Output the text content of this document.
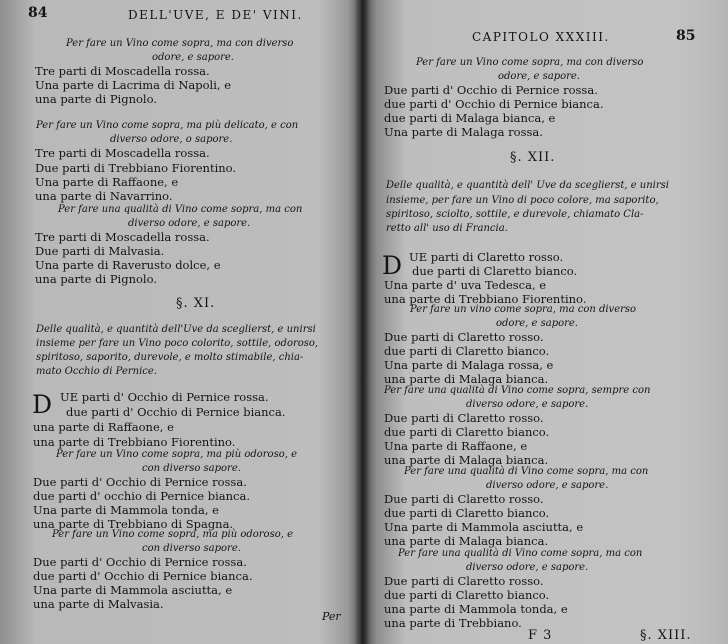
84	DELL'UVE, E DE' VINI.
Per fare un Vino come sopra, ma con diverso
odore, e sapore.
Tre parti di Moscadella rossa.
Una parte di Lacrima di Napoli, e
una parte di Pignolo.
Per fare un Vino come sopra, ma più delicato, e con
diverso odore, o sapore.
Tre parti di Moscadella rossa.
Due parti di Trebbiano Fiorentino.
Una parte di Raffaone, e
una parte di Navarrino.
Per fare una qualità di Vino come sopra, ma con
diverso odore, e sapore.
Tre parti di Moscadella rossa.
Due parti di Malvasia.
Una parte di Raverusto dolce, e
una parte di Pignolo.
§. XI.
Delle qualità, e quantità dell'Uve da sceglierst, e unirsi
insieme per fare un Vino poco colorito, sottile, odoroso,
spiritoso, saporito, durevole, e molto stimabile, chia-
mato Occhio di Pernice.
D UE parti d' Occhio di Pernice rossa.
due parti d' Occhio di Pernice bianca.
una parte di Raffaone, e
una parte di Trebbiano Fiorentino.
Per fare un Vino come sopra, ma più odoroso, e
con diverso sapore.
Due parti d' Occhio di Pernice rossa.
due parti d' occhio di Pernice bianca.
Una parte di Mammola tonda, e
una parte di Trebbiano di Spagna.
Per fare un Vino come sopra, ma più odoroso, e
con diverso sapore.
Due parti d' Occhio di Pernice rossa.
due parti d' Occhio di Pernice bianca.
Una parte di Mammola asciutta, e
una parte di Malvasia.
Per
CAPITOLO XXXIII.	85
Per fare un Vino come sopra, ma con diverso
odore, e sapore.
Due parti d' Occhio di Pernice rossa.
due parti d' Occhio di Pernice bianca.
due parti di Malaga bianca, e
Una parte di Malaga rossa.
§. XII.
Delle qualità, e quantità dell' Uve da sceglierst, e unirsi
insieme, per fare un Vino di poco colore, ma saporito,
spiritoso, sciolto, sottile, e durevole, chiamato Cla-
retto all' uso di Francia.
D UE parti di Claretto rosso.
due parti di Claretto bianco.
Una parte d' uva Tedesca, e
una parte di Trebbiano Fiorentino.
Per fare un vino come sopra, ma con diverso
odore, e sapore.
Due parti di Claretto rosso.
due parti di Claretto bianco.
Una parte di Malaga rossa, e
una parte di Malaga bianca.
Per fare una qualità di Vino come sopra, sempre con
diverso odore, e sapore.
Due parti di Claretto rosso.
due parti di Claretto bianco.
Una parte di Raffaone, e
una parte di Malaga bianca.
Per fare una qualità di Vino come sopra, ma con
diverso odore, e sapore.
Due parti di Claretto rosso.
due parti di Claretto bianco.
Una parte di Mammola asciutta, e
una parte di Malaga bianca.
Per fare una qualità di Vino come sopra, ma con
diverso odore, e sapore.
Due parti di Claretto rosso.
due parti di Claretto bianco.
una parte di Mammola tonda, e
una parte di Trebbiano.
F 3	§. XIII.
